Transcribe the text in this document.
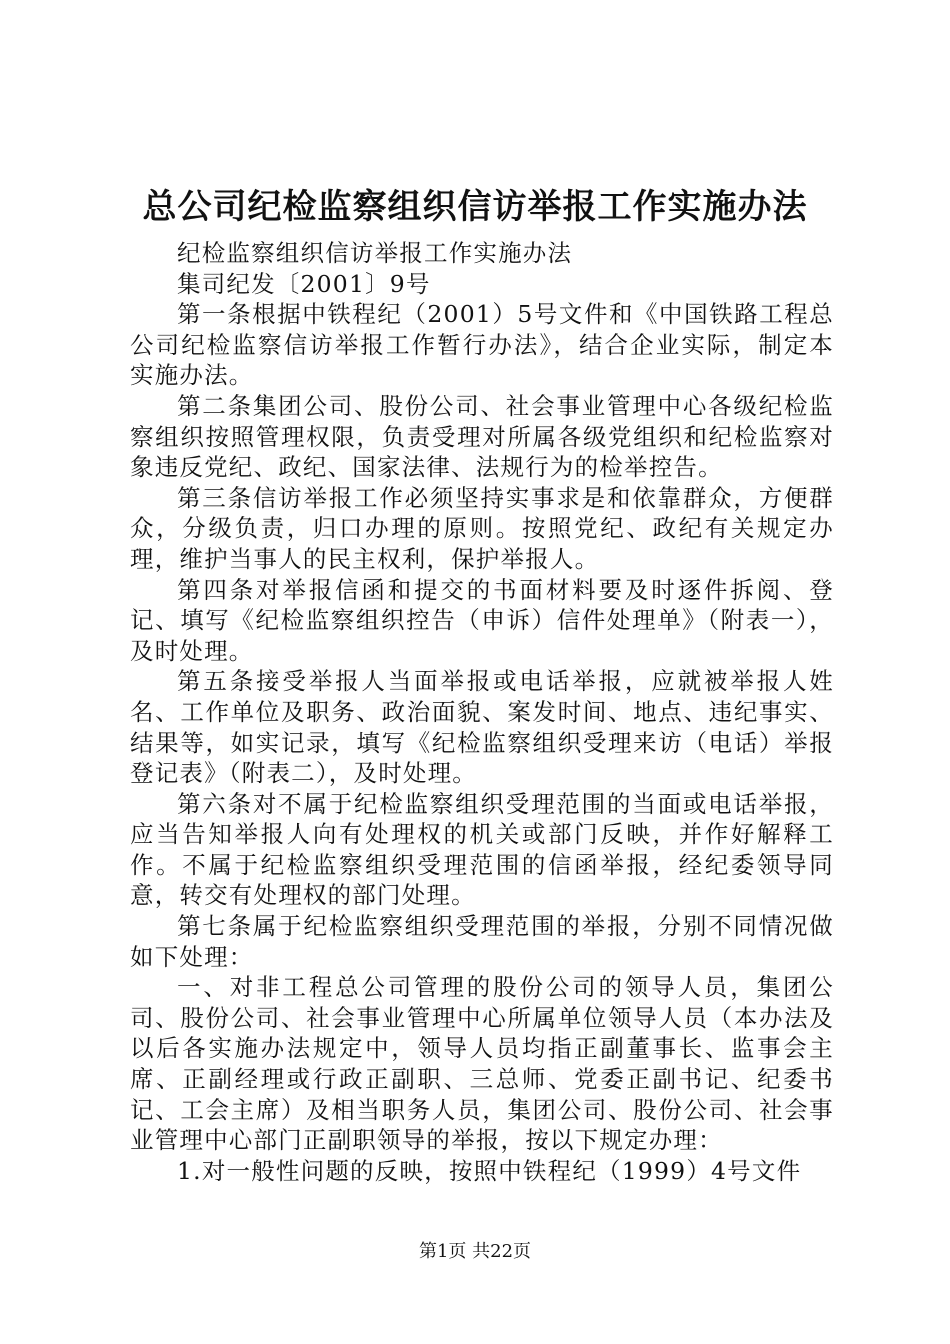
总公司纪检监察组织信访举报工作实施办法

纪检监察组织信访举报工作实施办法

集司纪发〔2001〕9号

第一条根据中铁程纪（2001）5号文件和《中国铁路工程总公司纪检监察信访举报工作暂行办法》，结合企业实际，制定本实施办法。

第二条集团公司、股份公司、社会事业管理中心各级纪检监察组织按照管理权限，负责受理对所属各级党组织和纪检监察对象违反党纪、政纪、国家法律、法规行为的检举控告。

第三条信访举报工作必须坚持实事求是和依靠群众，方便群众，分级负责，归口办理的原则。按照党纪、政纪有关规定办理，维护当事人的民主权利，保护举报人。

第四条对举报信函和提交的书面材料要及时逐件拆阅、登记、填写《纪检监察组织控告（申诉）信件处理单》（附表一），及时处理。

第五条接受举报人当面举报或电话举报，应就被举报人姓名、工作单位及职务、政治面貌、案发时间、地点、违纪事实、结果等，如实记录，填写《纪检监察组织受理来访（电话）举报登记表》（附表二），及时处理。

第六条对不属于纪检监察组织受理范围的当面或电话举报，应当告知举报人向有处理权的机关或部门反映，并作好解释工作。不属于纪检监察组织受理范围的信函举报，经纪委领导同意，转交有处理权的部门处理。

第七条属于纪检监察组织受理范围的举报，分别不同情况做如下处理：

一、对非工程总公司管理的股份公司的领导人员，集团公司、股份公司、社会事业管理中心所属单位领导人员（本办法及以后各实施办法规定中，领导人员均指正副董事长、监事会主席、正副经理或行政正副职、三总师、党委正副书记、纪委书记、工会主席）及相当职务人员，集团公司、股份公司、社会事业管理中心部门正副职领导的举报，按以下规定办理：

1.对一般性问题的反映，按照中铁程纪（1999）4号文件

第1页 共22页
